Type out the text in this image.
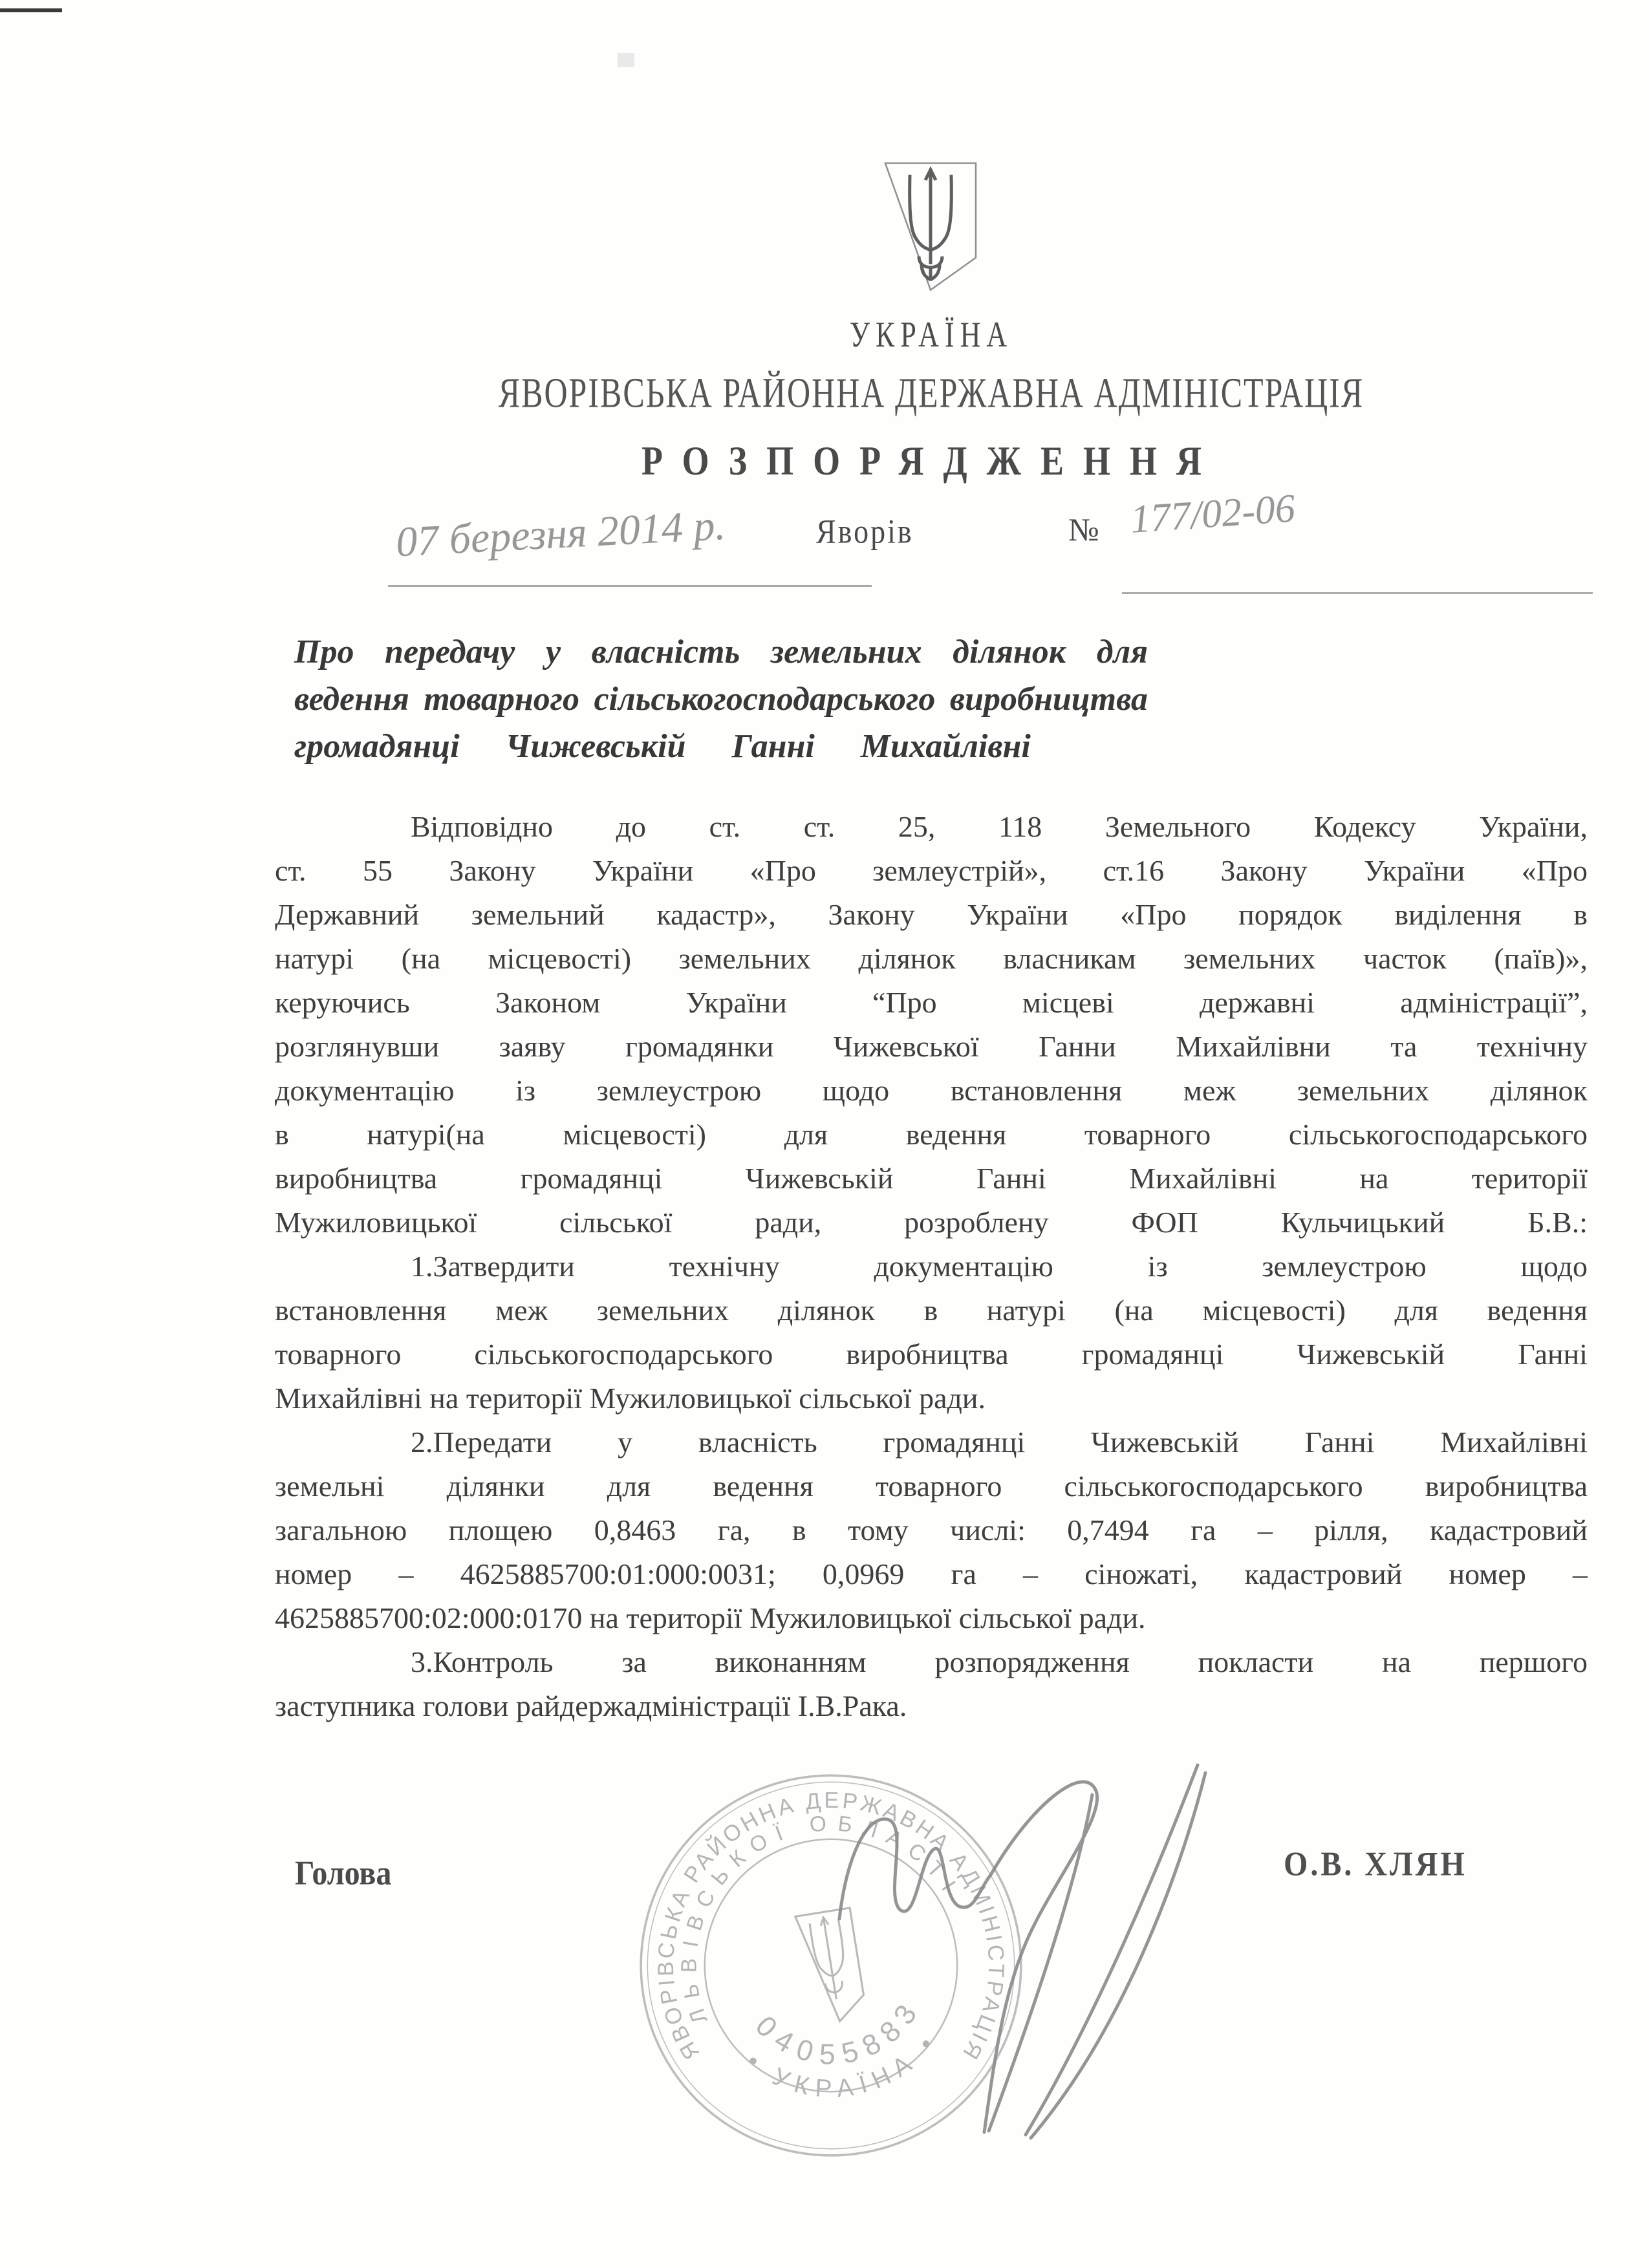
УКРАЇНА
ЯВОРІВСЬКА РАЙОННА ДЕРЖАВНА АДМІНІСТРАЦІЯ
РОЗПОРЯДЖЕННЯ
07 березня 2014 р.	Яворів	№ 177/02-06
Про передачу у власність земельних ділянок для
ведення товарного сільськогосподарського виробництва
громадянці Чижевській Ганні Михайлівні
Відповідно до ст. ст. 25, 118 Земельного Кодексу України,
ст. 55 Закону України «Про землеустрій», ст.16 Закону України «Про
Державний земельний кадастр», Закону України «Про порядок виділення в
натурі (на місцевості) земельних ділянок власникам земельних часток (паїв)»,
керуючись Законом України “Про місцеві державні адміністрації”,
розглянувши заяву громадянки Чижевської Ганни Михайлівни та технічну
документацію із землеустрою щодо встановлення меж земельних ділянок
в натурі(на місцевості) для ведення товарного сільськогосподарського
виробництва громадянці Чижевській Ганні Михайлівні на території
Мужиловицької сільської ради, розроблену ФОП Кульчицький Б.В.:
1.Затвердити технічну документацію із землеустрою щодо
встановлення меж земельних ділянок в натурі (на місцевості) для ведення
товарного сільськогосподарського виробництва громадянці Чижевській Ганні
Михайлівні на території Мужиловицької сільської ради.
2.Передати у власність громадянці Чижевській Ганні Михайлівні
земельні ділянки для ведення товарного сільськогосподарського виробництва
загальною площею 0,8463 га, в тому числі: 0,7494 га – рілля, кадастровий
номер – 4625885700:01:000:0031; 0,0969 га – сіножаті, кадастровий номер –
4625885700:02:000:0170 на території Мужиловицької сільської ради.
3.Контроль за виконанням розпорядження покласти на першого
заступника голови райдержадміністрації І.В.Рака.
Голова	О.В. ХЛЯН
ЯВОРІВСЬКА РАЙОННА ДЕРЖАВНА АДМІНІСТРАЦІЯ
ЛЬВІВСЬКОЇ ОБЛАСТІ
04055883
• УКРАЇНА •
